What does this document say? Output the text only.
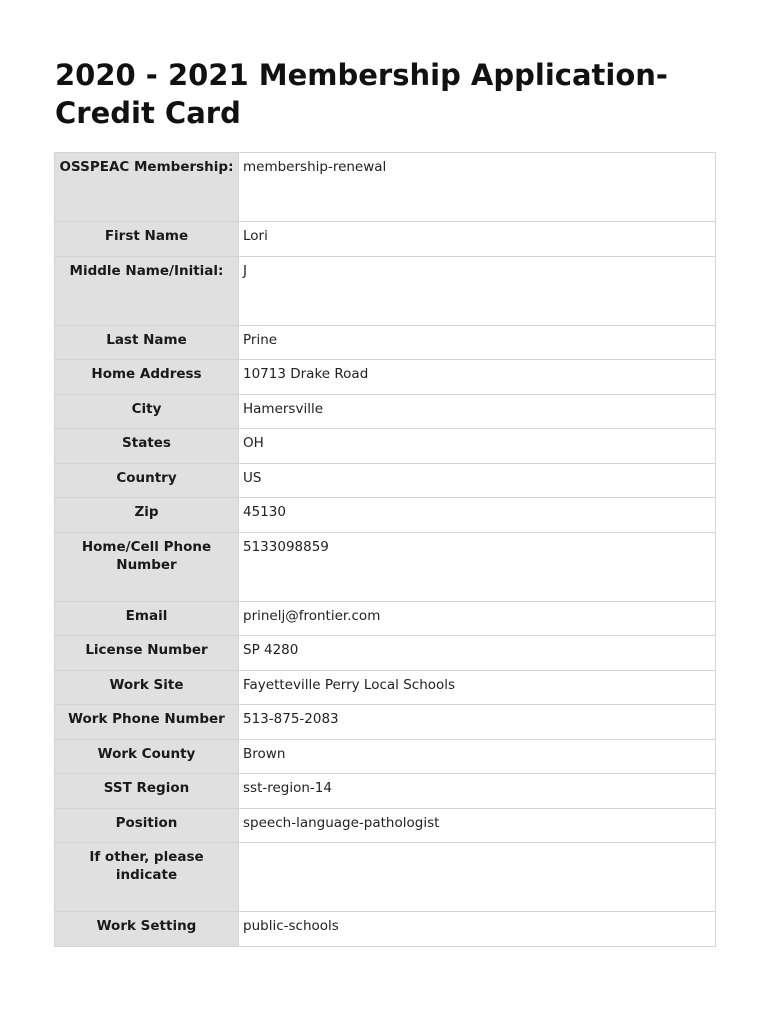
2020 - 2021 Membership Application- Credit Card
OSSPEAC Membership:	membership-renewal
First Name	Lori
Middle Name/Initial:	J
Last Name	Prine
Home Address	10713 Drake Road
City	Hamersville
States	OH
Country	US
Zip	45130
Home/Cell Phone Number	5133098859
Email	prinelj@frontier.com
License Number	SP 4280
Work Site	Fayetteville Perry Local Schools
Work Phone Number	513-875-2083
Work County	Brown
SST Region	sst-region-14
Position	speech-language-pathologist
If other, please indicate	
Work Setting	public-schools
